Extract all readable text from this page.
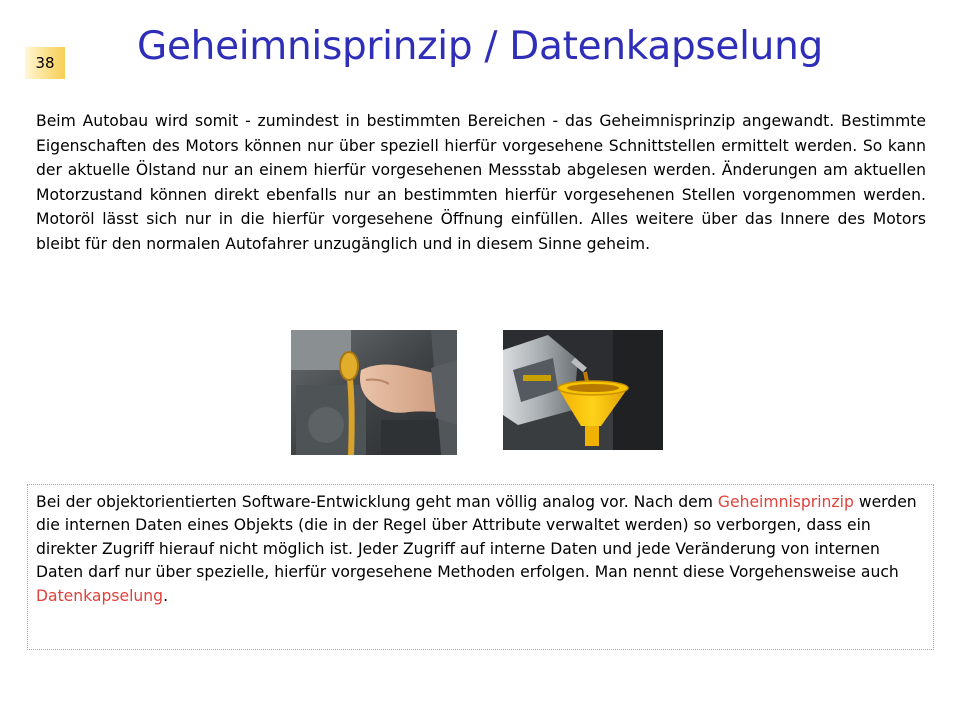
38	Geheimnisprinzip / Datenkapselung

Beim Autobau wird somit - zumindest in bestimmten Bereichen - das Geheimnisprinzip angewandt. Bestimmte Eigenschaften des Motors können nur über speziell hierfür vorgesehene Schnittstellen ermittelt werden. So kann der aktuelle Ölstand nur an einem hierfür vorgesehenen Messstab abgelesen werden. Änderungen am aktuellen Motorzustand können direkt ebenfalls nur an bestimmten hierfür vorgesehenen Stellen vorgenommen werden. Motoröl lässt sich nur in die hierfür vorgesehene Öffnung einfüllen. Alles weitere über das Innere des Motors bleibt für den normalen Autofahrer unzugänglich und in diesem Sinne geheim.

Bei der objektorientierten Software-Entwicklung geht man völlig analog vor. Nach dem Geheimnisprinzip werden die internen Daten eines Objekts (die in der Regel über Attribute verwaltet werden) so verborgen, dass ein direkter Zugriff hierauf nicht möglich ist. Jeder Zugriff auf interne Daten und jede Veränderung von internen Daten darf nur über spezielle, hierfür vorgesehene Methoden erfolgen. Man nennt diese Vorgehensweise auch Datenkapselung.
